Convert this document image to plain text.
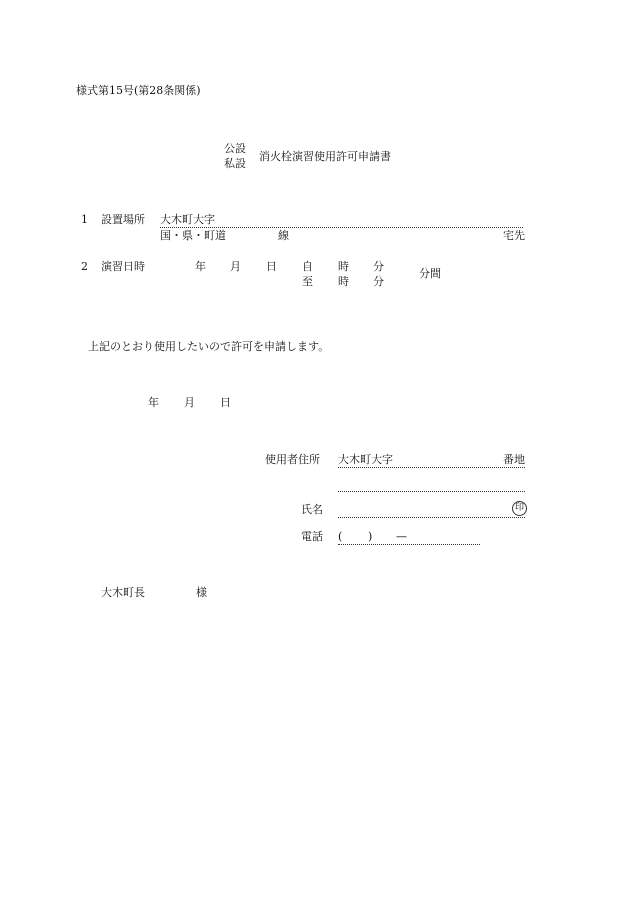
様式第15号(第28条関係)
公設
私設
消火栓演習使用許可申請書
1 設置場所 大木町大字
国・県・町道	線	宅先
2 演習日時	年 月 日 自 時 分
至 時 分
分間
上記のとおり使用したいので許可を申請します。
年 月 日
使用者住所 大木町大字	番地
氏名	印
電話 ( ) —
大木町長	様
